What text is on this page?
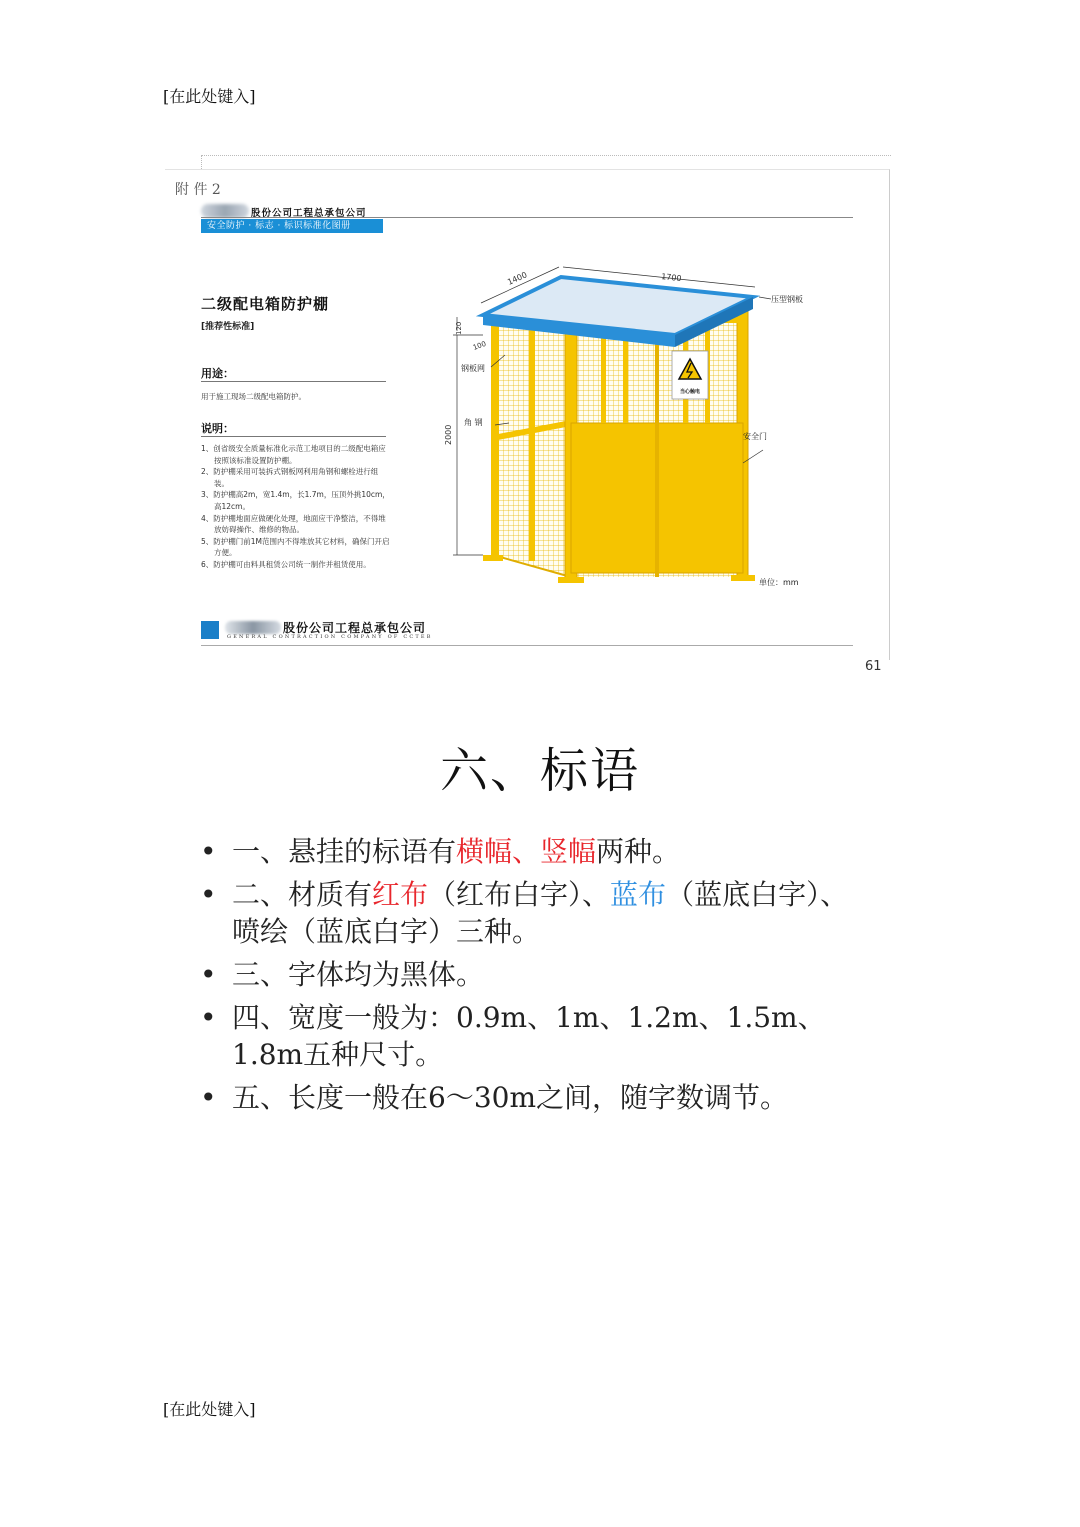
[在此处键入]
附 件 2
股份公司工程总承包公司
安全防护 · 标志 · 标识标准化图册
二级配电箱防护棚
[推荐性标准]
用途：
用于施工现场二级配电箱防护。
说明：
1、创省级安全质量标准化示范工地项目的二级配电箱应按照该标准设置防护棚。
2、防护棚采用可装拆式钢板网利用角钢和螺栓进行组装。
3、防护棚高2m，宽1.4m，长1.7m，压顶外挑10cm，高12cm。
4、防护棚地面应做硬化处理，地面应干净整洁，不得堆放妨碍操作、维修的物品。
5、防护棚门前1M范围内不得堆放其它材料，确保门开启方便。
6、防护棚可由料具租赁公司统一制作并租赁使用。
当心触电
1400	1700
2000
120
100
压型钢板
钢板网
角 钢
安全门
单位：mm
股份公司工程总承包公司
GENERAL CONTRACTION COMPANY OF CCTEB
61
六、标语
• 一、悬挂的标语有横幅、竖幅两种。
• 二、材质有红布（红布白字）、蓝布（蓝底白字）、喷绘（蓝底白字）三种。
• 三、字体均为黑体。
• 四、宽度一般为：0.9m、1m、1.2m、1.5m、1.8m五种尺寸。
• 五、长度一般在6～30m之间，随字数调节。
[在此处键入]
